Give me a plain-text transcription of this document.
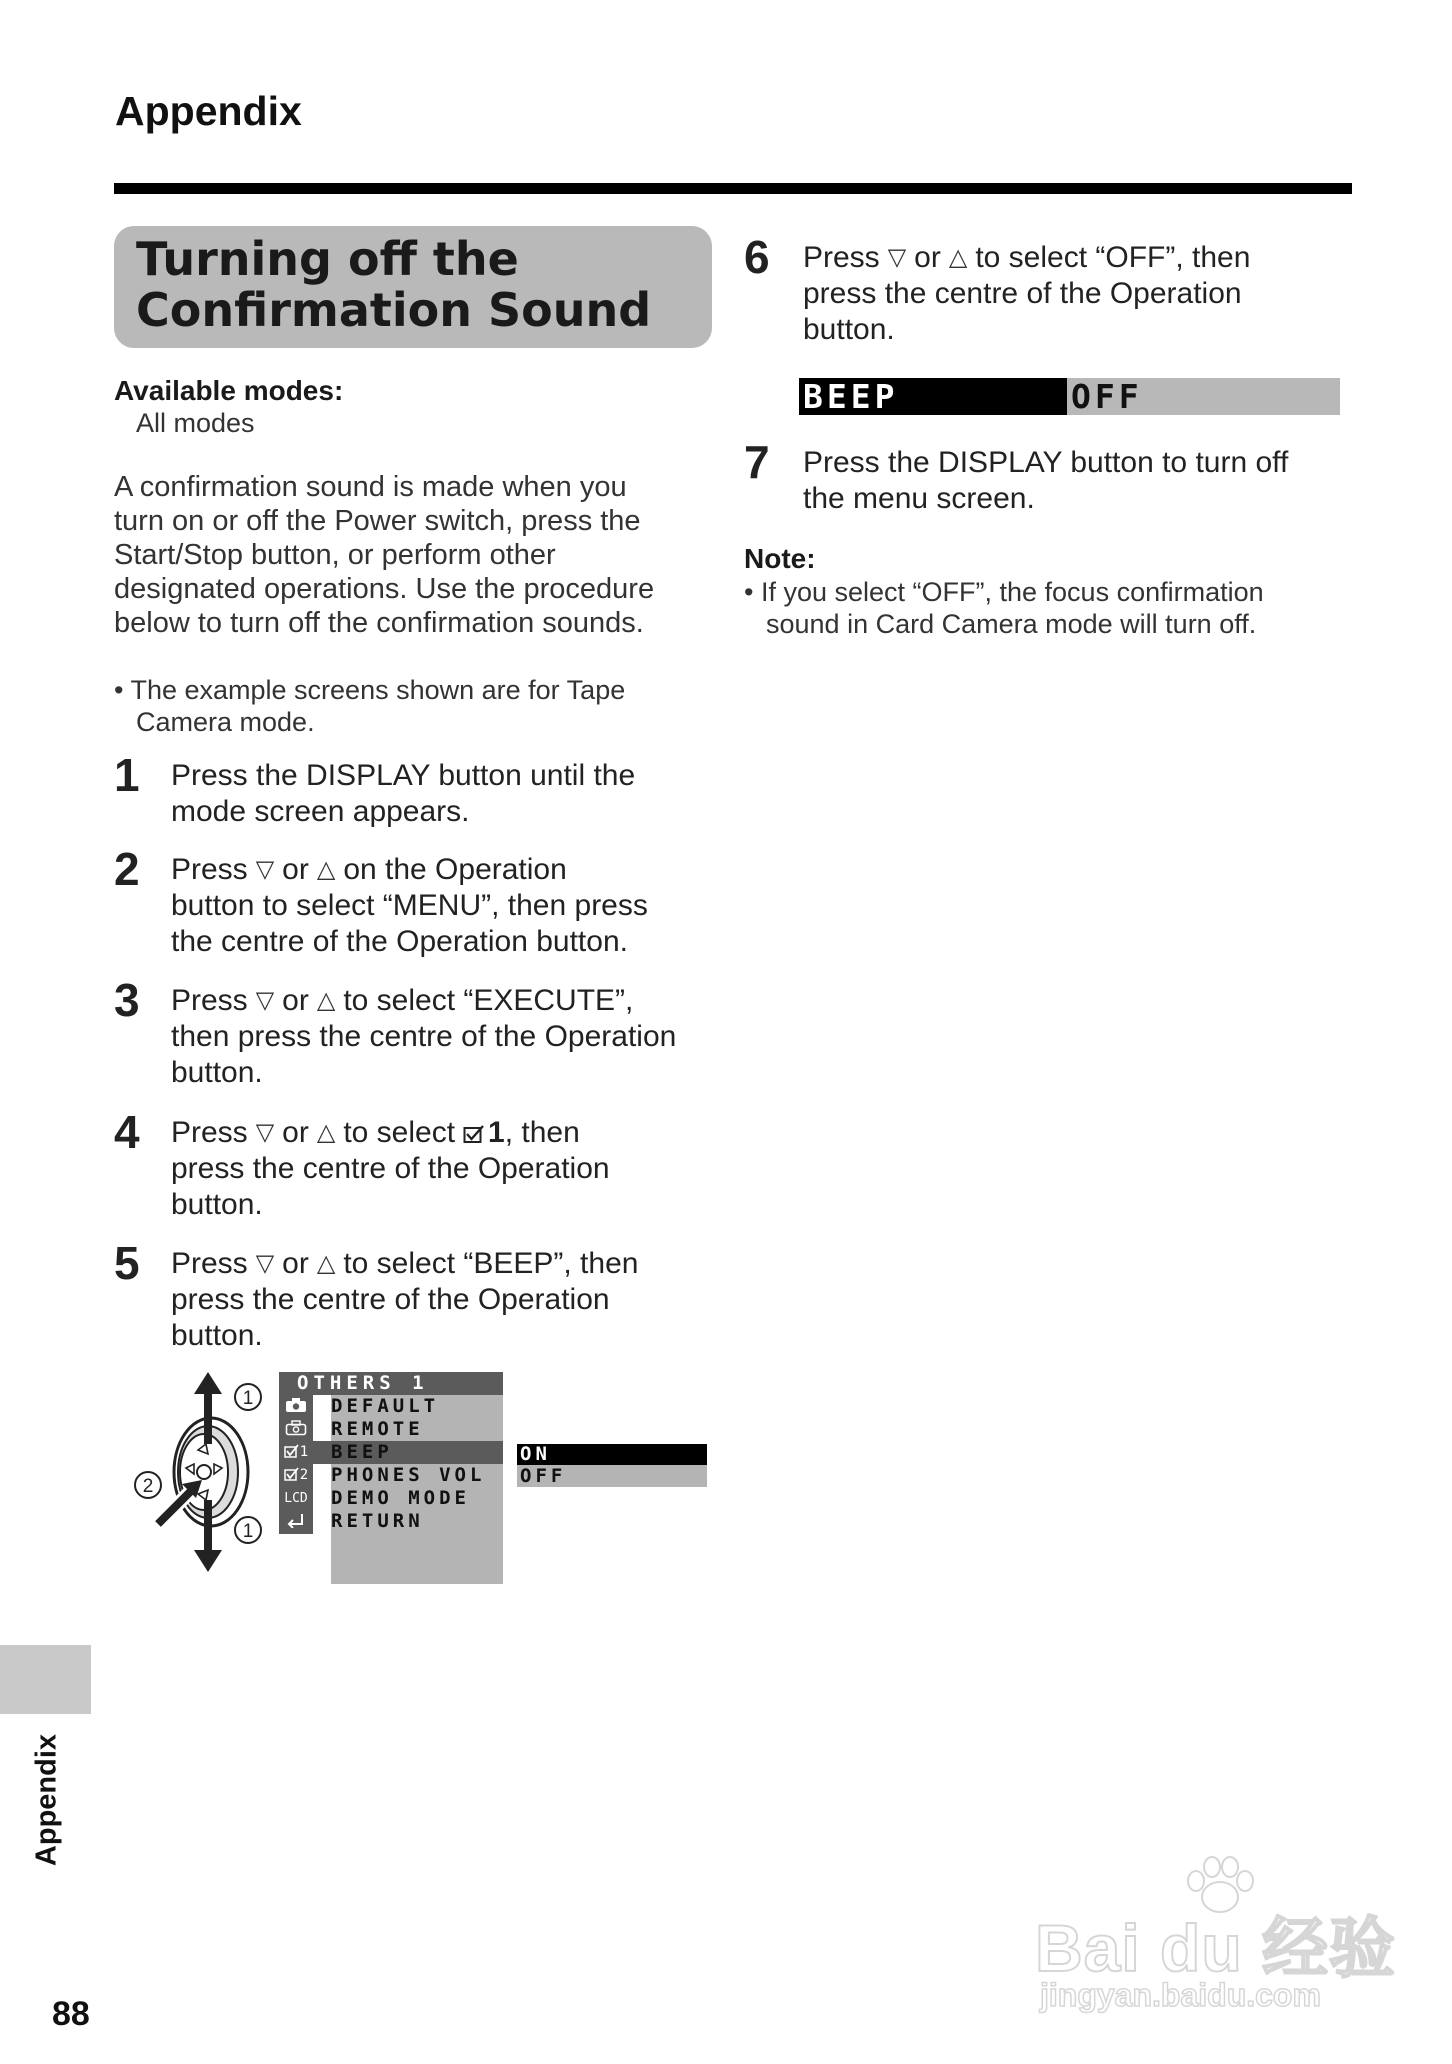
Appendix
Turning off the
Confirmation Sound
Available modes:
All modes
A confirmation sound is made when you
turn on or off the Power switch, press the
Start/Stop button, or perform other
designated operations. Use the procedure
below to turn off the confirmation sounds.
• The example screens shown are for Tape
Camera mode.
1 Press the DISPLAY button until the
mode screen appears.
2 Press ▽ or △ on the Operation
button to select “MENU”, then press
the centre of the Operation button.
3 Press ▽ or △ to select “EXECUTE”,
then press the centre of the Operation
button.
4 Press ▽ or △ to select 1, then
press the centre of the Operation
button.
5 Press ▽ or △ to select “BEEP”, then
press the centre of the Operation
button.
1
2
1
OTHERS 1
1
2
LCD
DEFAULT
REMOTE
BEEP
PHONES VOL
DEMO MODE
RETURN
ON
OFF
6 Press ▽ or △ to select “OFF”, then
press the centre of the Operation
button.
BEEP	OFF
7 Press the DISPLAY button to turn off
the menu screen.
Note:
• If you select “OFF”, the focus confirmation
sound in Card Camera mode will turn off.
Appendix
88
Bai du 经验
jingyan.baidu.com
